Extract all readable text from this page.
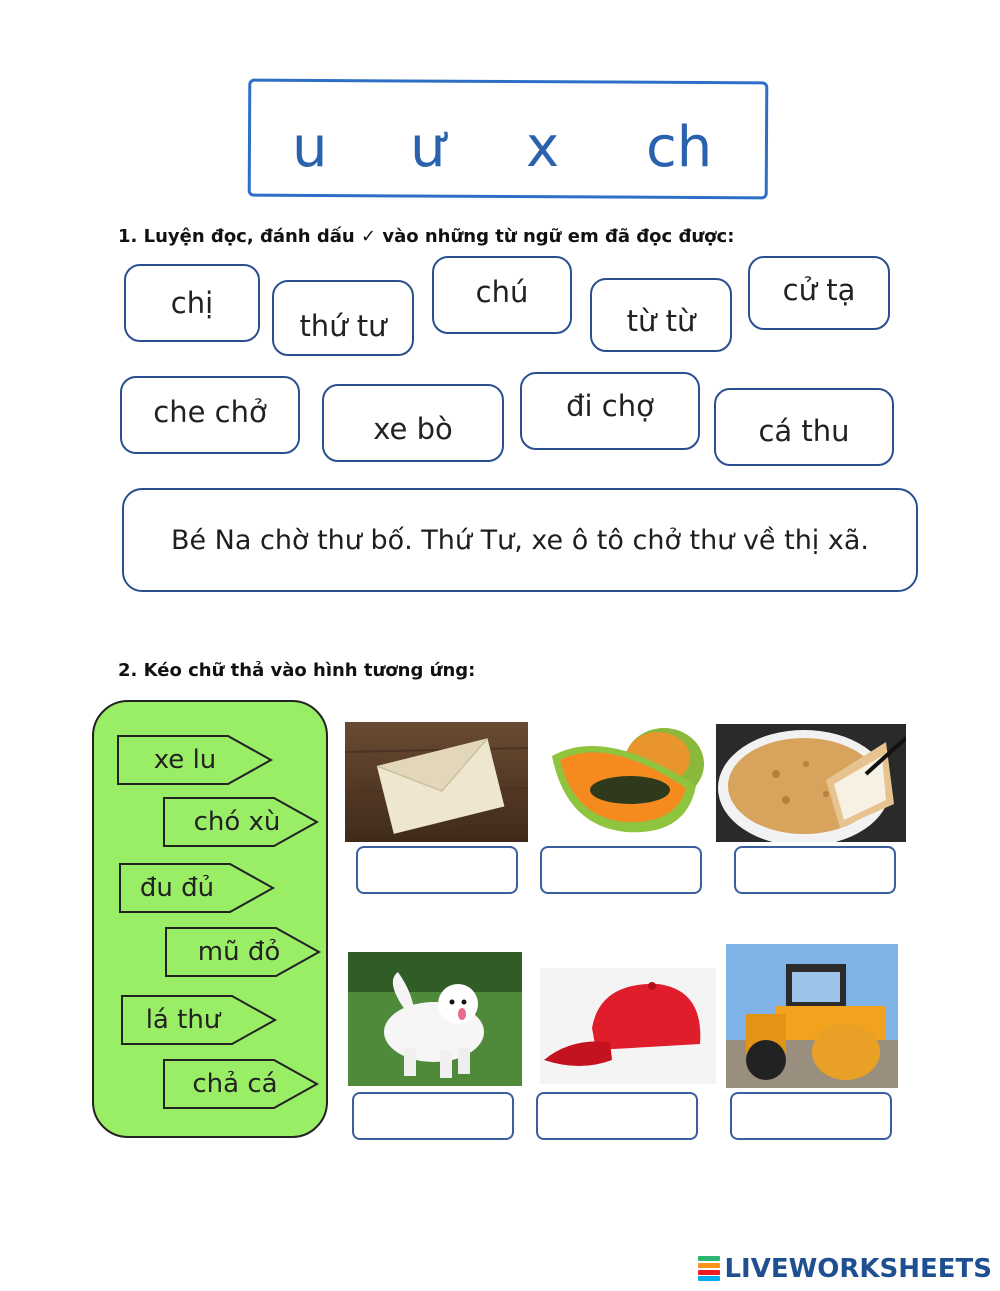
u ư x ch
1. Luyện đọc, đánh dấu ✓ vào những từ ngữ em đã đọc được:
chị
thứ tư
chú
từ từ
cử tạ
che chở	xe bò
đi chợ
cá thu
Bé Na chờ thư bố. Thứ Tư, xe ô tô chở thư về thị xã.
2. Kéo chữ thả vào hình tương ứng:
xe lu
chó xù
đu đủ
mũ đỏ
lá thư
chả cá
LIVEWORKSHEETS
